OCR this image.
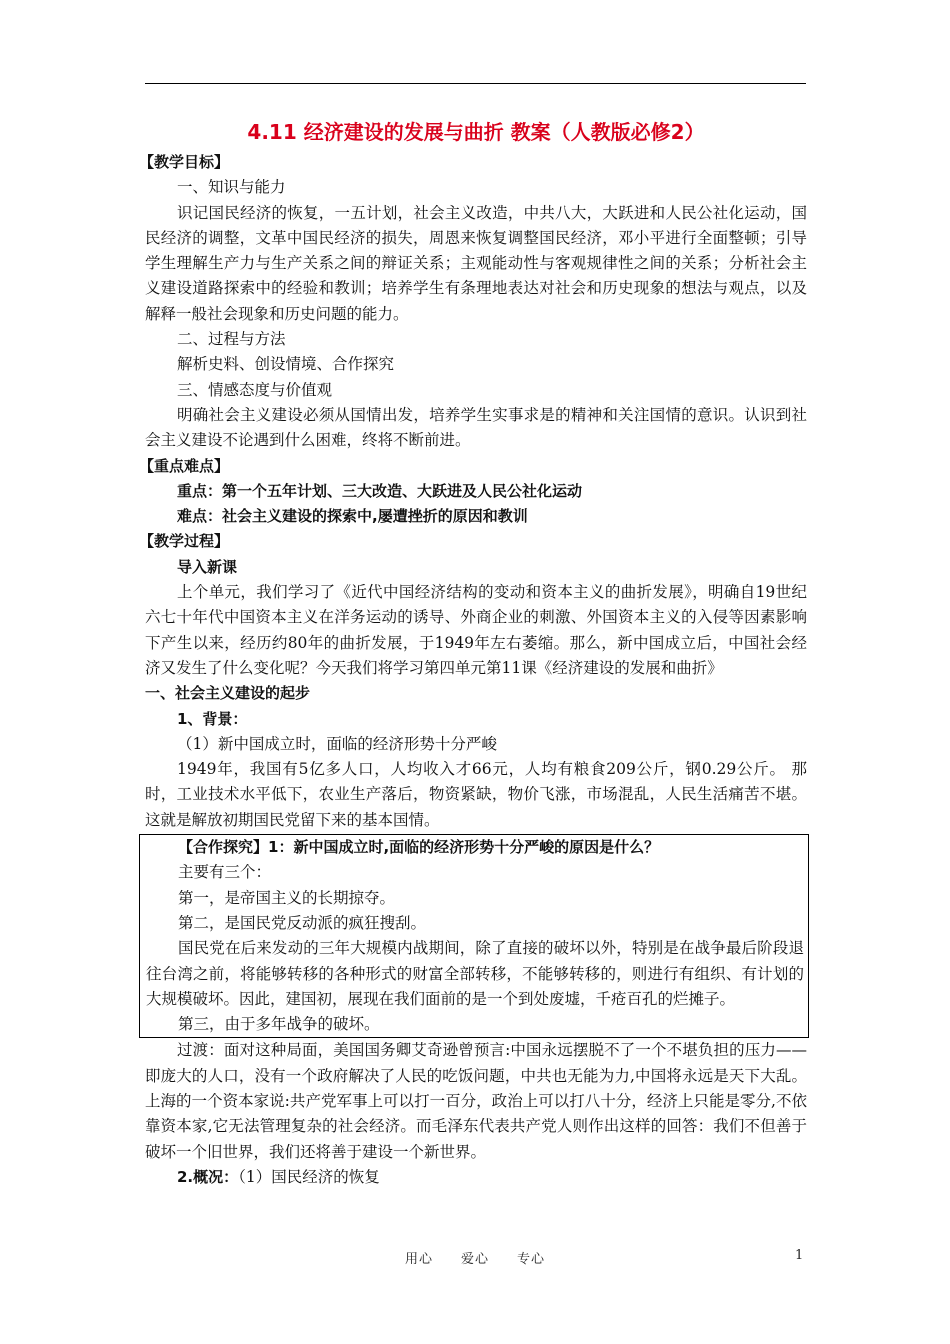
4.11 经济建设的发展与曲折 教案（人教版必修2）

【教学目标】

一、知识与能力

识记国民经济的恢复，一五计划，社会主义改造，中共八大，大跃进和人民公社化运动，国民经济的调整，文革中国民经济的损失，周恩来恢复调整国民经济，邓小平进行全面整顿；引导学生理解生产力与生产关系之间的辩证关系；主观能动性与客观规律性之间的关系；分析社会主义建设道路探索中的经验和教训；培养学生有条理地表达对社会和历史现象的想法与观点，以及解释一般社会现象和历史问题的能力。

二、过程与方法

解析史料、创设情境、合作探究

三、情感态度与价值观

明确社会主义建设必须从国情出发，培养学生实事求是的精神和关注国情的意识。认识到社会主义建设不论遇到什么困难，终将不断前进。

【重点难点】

重点：第一个五年计划、三大改造、大跃进及人民公社化运动

难点：社会主义建设的探索中,屡遭挫折的原因和教训

【教学过程】

导入新课

上个单元，我们学习了《近代中国经济结构的变动和资本主义的曲折发展》，明确自19世纪六七十年代中国资本主义在洋务运动的诱导、外商企业的刺激、外国资本主义的入侵等因素影响下产生以来，经历约80年的曲折发展，于1949年左右萎缩。那么，新中国成立后，中国社会经济又发生了什么变化呢？今天我们将学习第四单元第11课《经济建设的发展和曲折》

一、社会主义建设的起步

1、背景：

（1）新中国成立时，面临的经济形势十分严峻

1949年，我国有5亿多人口，人均收入才66元，人均有粮食209公斤，钢0.29公斤。 那时，工业技术水平低下，农业生产落后，物资紧缺，物价飞涨，市场混乱，人民生活痛苦不堪。这就是解放初期国民党留下来的基本国情。

【合作探究】1：新中国成立时,面临的经济形势十分严峻的原因是什么？

主要有三个：

第一，是帝国主义的长期掠夺。

第二，是国民党反动派的疯狂搜刮。

国民党在后来发动的三年大规模内战期间，除了直接的破坏以外，特别是在战争最后阶段退往台湾之前，将能够转移的各种形式的财富全部转移，不能够转移的，则进行有组织、有计划的大规模破坏。因此，建国初，展现在我们面前的是一个到处废墟，千疮百孔的烂摊子。

第三，由于多年战争的破坏。

过渡：面对这种局面，美国国务卿艾奇逊曾预言:中国永远摆脱不了一个不堪负担的压力——即庞大的人口，没有一个政府解决了人民的吃饭问题，中共也无能为力,中国将永远是天下大乱。上海的一个资本家说:共产党军事上可以打一百分，政治上可以打八十分，经济上只能是零分,不依靠资本家,它无法管理复杂的社会经济。而毛泽东代表共产党人则作出这样的回答：我们不但善于破坏一个旧世界，我们还将善于建设一个新世界。

2.概况：（1）国民经济的恢复

用心　　爱心　　专心	1
